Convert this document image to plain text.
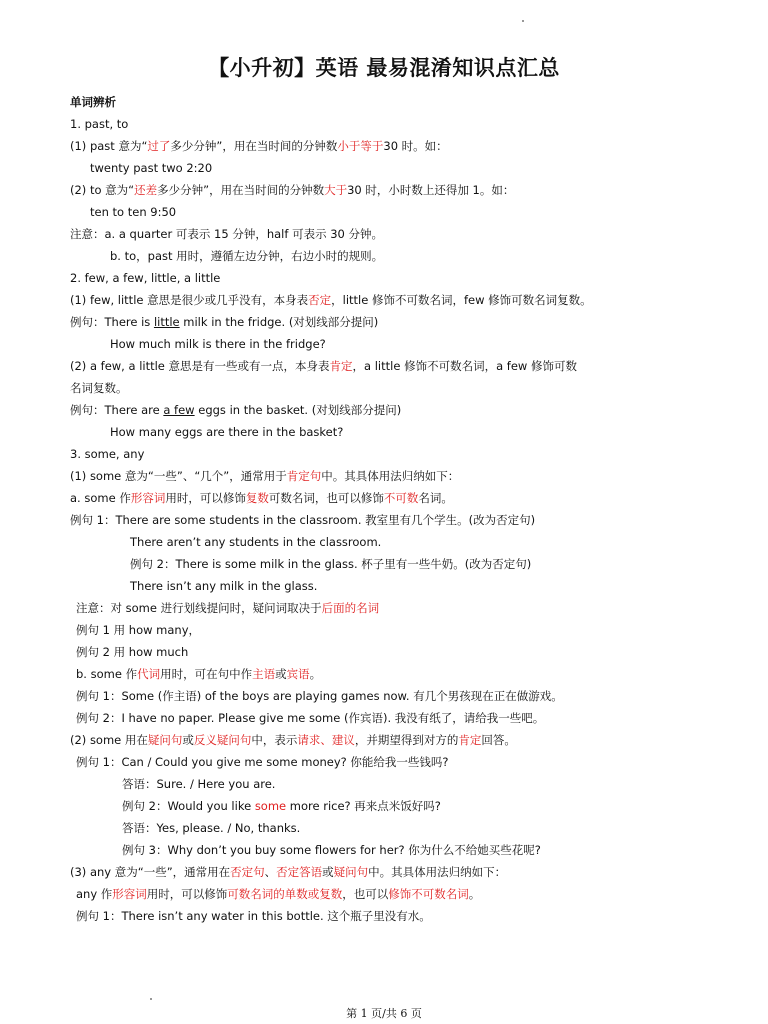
【小升初】英语 最易混淆知识点汇总
单词辨析
1. past, to
(1) past 意为“过了多少分钟”，用在当时间的分钟数小于等于30 时。如：
twenty past two 2:20
(2) to 意为“还差多少分钟”，用在当时间的分钟数大于30 时，小时数上还得加 1。如：
ten to ten 9:50
注意：a. a quarter 可表示 15 分钟，half 可表示 30 分钟。
b. to，past 用时，遵循左边分钟，右边小时的规则。
2. few, a few, little, a little
(1) few, little 意思是很少或几乎没有，本身表否定，little 修饰不可数名词，few 修饰可数名词复数。
例句：There is little milk in the fridge. (对划线部分提问)
How much milk is there in the fridge?
(2) a few, a little 意思是有一些或有一点，本身表肯定，a little 修饰不可数名词，a few 修饰可数
名词复数。
例句：There are a few eggs in the basket. (对划线部分提问)
How many eggs are there in the basket?
3. some, any
(1) some 意为“一些”、“几个”，通常用于肯定句中。其具体用法归纳如下：
a. some 作形容词用时，可以修饰复数可数名词，也可以修饰不可数名词。
例句 1：There are some students in the classroom. 教室里有几个学生。(改为否定句)
There aren’t any students in the classroom.
例句 2：There is some milk in the glass. 杯子里有一些牛奶。(改为否定句)
There isn’t any milk in the glass.
注意：对 some 进行划线提问时，疑问词取决于后面的名词
例句 1 用 how many，
例句 2 用 how much
b. some 作代词用时，可在句中作主语或宾语。
例句 1：Some (作主语) of the boys are playing games now. 有几个男孩现在正在做游戏。
例句 2：I have no paper. Please give me some (作宾语). 我没有纸了，请给我一些吧。
(2) some 用在疑问句或反义疑问句中，表示请求、建议，并期望得到对方的肯定回答。
例句 1：Can / Could you give me some money? 你能给我一些钱吗?
答语：Sure. / Here you are.
例句 2：Would you like some more rice? 再来点米饭好吗?
答语：Yes, please. / No, thanks.
例句 3：Why don’t you buy some flowers for her? 你为什么不给她买些花呢?
(3) any 意为“一些”，通常用在否定句、否定答语或疑问句中。其具体用法归纳如下：
any 作形容词用时，可以修饰可数名词的单数或复数，也可以修饰不可数名词。
例句 1：There isn’t any water in this bottle. 这个瓶子里没有水。
第 1 页/共 6 页
